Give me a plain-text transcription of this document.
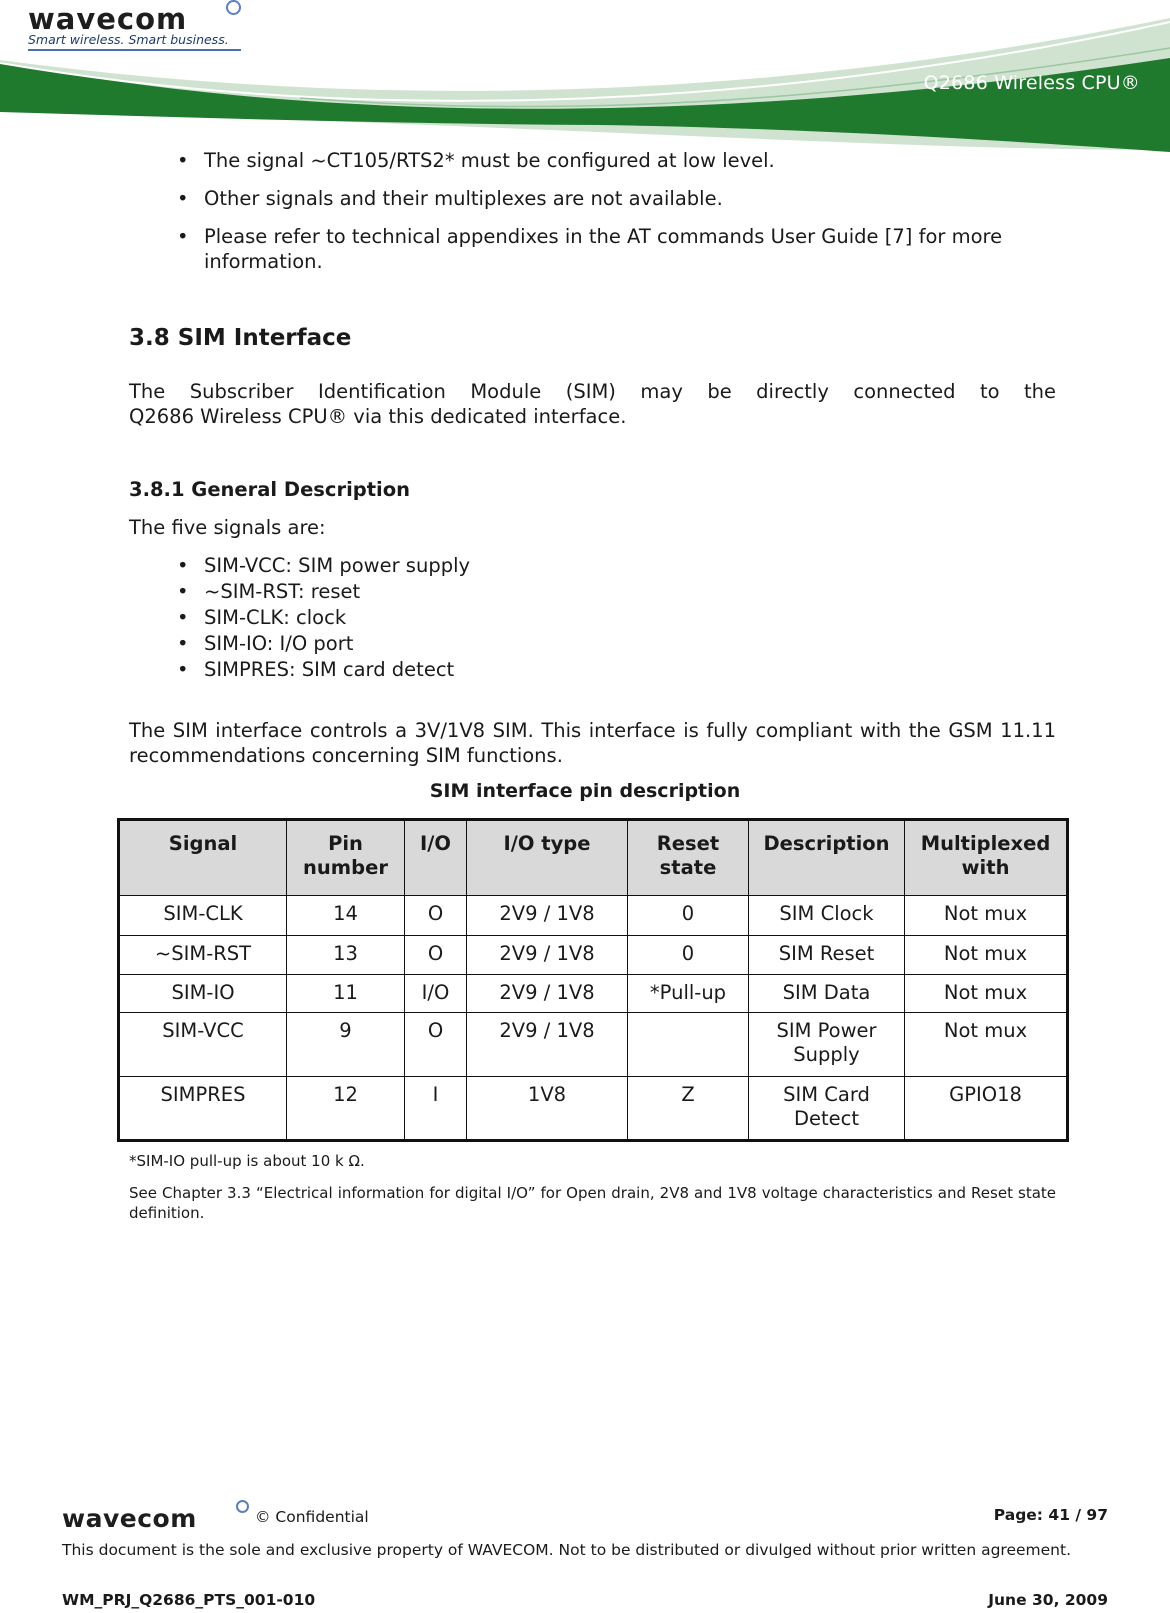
wavecom
Smart wireless. Smart business.
Q2686 Wireless CPU®
• The signal ~CT105/RTS2* must be configured at low level.
• Other signals and their multiplexes are not available.
• Please refer to technical appendixes in the AT commands User Guide [7] for more information.
3.8 SIM Interface
The Subscriber Identification Module (SIM) may be directly connected to the
Q2686 Wireless CPU® via this dedicated interface.
3.8.1 General Description
The five signals are:
• SIM-VCC: SIM power supply
• ~SIM-RST: reset
• SIM-CLK: clock
• SIM-IO: I/O port
• SIMPRES: SIM card detect
The SIM interface controls a 3V/1V8 SIM. This interface is fully compliant with the GSM 11.11 recommendations concerning SIM functions.
SIM interface pin description
Signal	Pin number	I/O	I/O type	Reset state	Description	Multiplexed with
SIM-CLK	14	O	2V9 / 1V8	0	SIM Clock	Not mux
~SIM-RST	13	O	2V9 / 1V8	0	SIM Reset	Not mux
SIM-IO	11	I/O	2V9 / 1V8	*Pull-up	SIM Data	Not mux
SIM-VCC	9	O	2V9 / 1V8		SIM Power Supply	Not mux
SIMPRES	12	I	1V8	Z	SIM Card Detect	GPIO18
*SIM-IO pull-up is about 10 k Ω.
See Chapter 3.3 “Electrical information for digital I/O” for Open drain, 2V8 and 1V8 voltage characteristics and Reset state definition.
wavecom	© Confidential	Page: 41 / 97
This document is the sole and exclusive property of WAVECOM. Not to be distributed or divulged without prior written agreement.
WM_PRJ_Q2686_PTS_001-010	June 30, 2009
